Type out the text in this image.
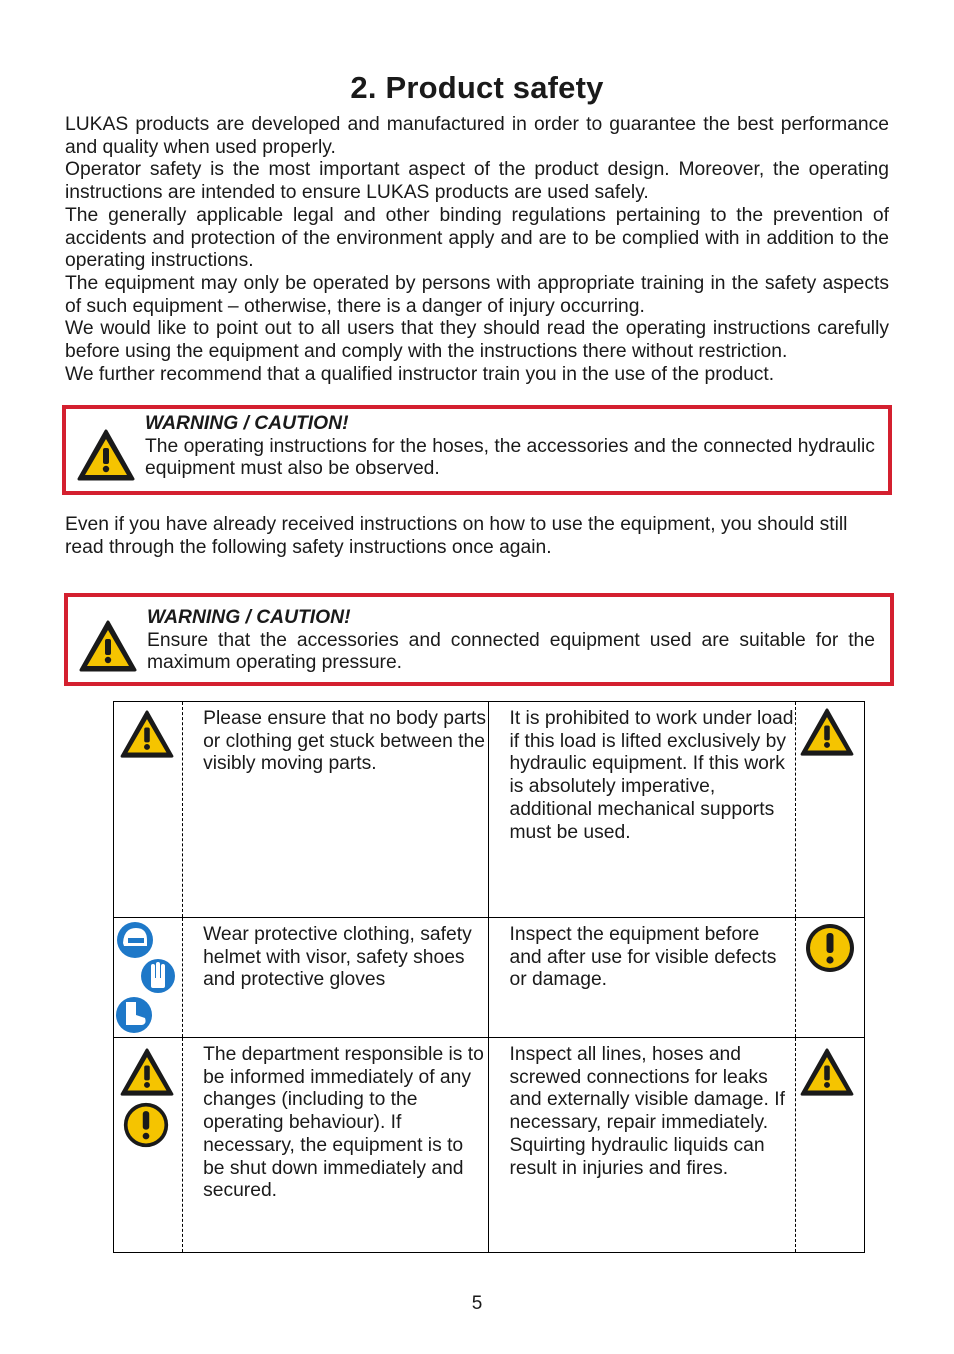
2. Product safety

LUKAS products are developed and manufactured in order to guarantee the best performance and quality when used properly.

Operator safety is the most important aspect of the product design. Moreover, the operating instructions are intended to ensure LUKAS products are used safely.

The generally applicable legal and other binding regulations pertaining to the prevention of accidents and protection of the environment apply and are to be complied with in addition to the operating instructions.

The equipment may only be operated by persons with appropriate training in the safety aspects of such equipment – otherwise, there is a danger of injury occurring.

We would like to point out to all users that they should read the operating instructions carefully before using the equipment and comply with the instructions there without restriction.

We further recommend that a qualified instructor train you in the use of the product.

WARNING / CAUTION!

The operating instructions for the hoses, the accessories and the connected hydraulic equipment must also be observed.

Even if you have already received instructions on how to use the equipment, you should still read through the following safety instructions once again.

WARNING / CAUTION!

Ensure that the accessories and connected equipment used are suitable for the maximum operating pressure.

	Please ensure that no body parts or clothing get stuck between the visibly moving parts.	It is prohibited to work under load if this load is lifted exclusively by hydraulic equipment. If this work is absolutely imperative, additional mechanical supports must be used.	

	Wear protective clothing, safety helmet with visor, safety shoes and protective gloves	Inspect the equipment before and after use for visible defects or damage.	

	The department responsible is to be informed immediately of any changes (including to the operating behaviour). If necessary, the equipment is to be shut down immediately and secured.	Inspect all lines, hoses and screwed connections for leaks and externally visible damage. If necessary, repair immediately. Squirting hydraulic liquids can result in injuries and fires.	
5
